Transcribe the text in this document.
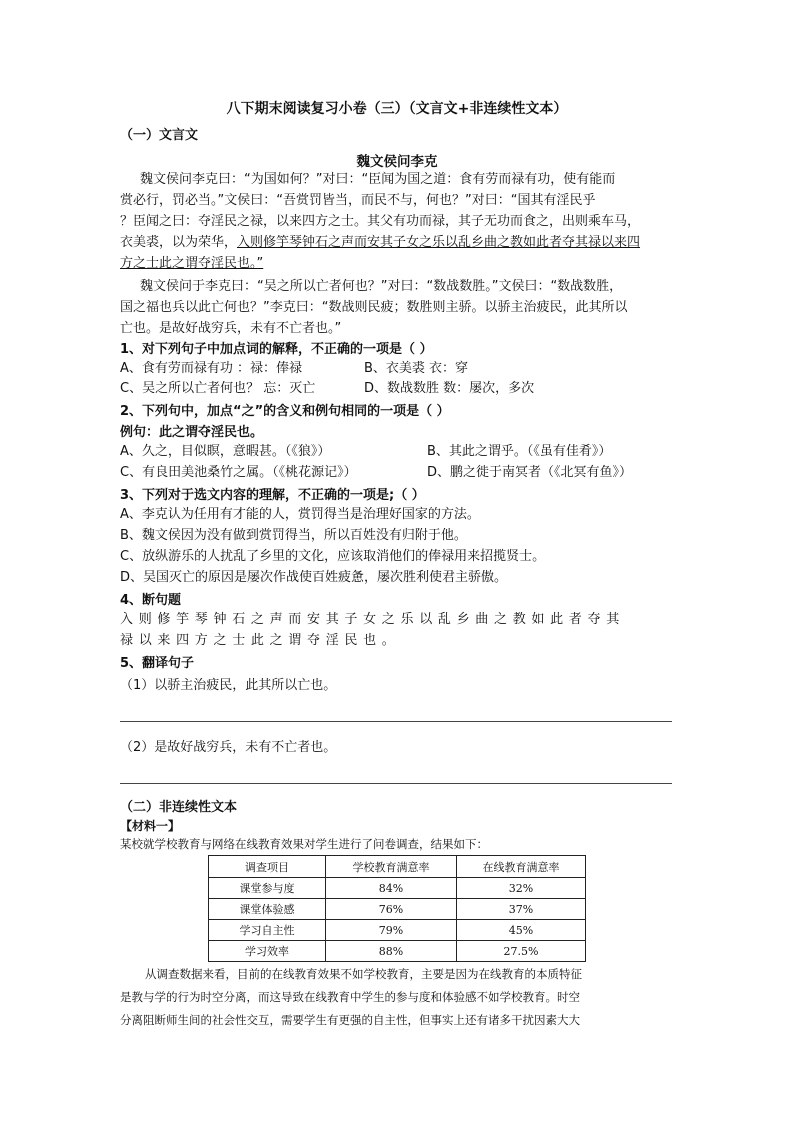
八下期末阅读复习小卷（三）（文言文+非连续性文本）
（一）文言文
魏文侯问李克
魏文侯问李克曰：“为国如何？”对曰：“臣闻为国之道：食有劳而禄有功，使有能而
赏必行，罚必当。”文侯曰：“吾赏罚皆当，而民不与，何也？”对曰：“国其有淫民乎
？臣闻之曰：夺淫民之禄，以来四方之士。其父有功而禄，其子无功而食之，出则乘车马，
衣美裘，以为荣华，入则修竽琴钟石之声而安其子女之乐以乱乡曲之教如此者夺其禄以来四
方之士此之谓夺淫民也。”
魏文侯问于李克曰：“吴之所以亡者何也？”对曰：“数战数胜。”文侯曰：“数战数胜，
国之福也兵以此亡何也？”李克曰：“数战则民疲；数胜则主骄。以骄主治疲民，此其所以
亡也。是故好战穷兵，未有不亡者也。”
1、对下列句子中加点词的解释，不正确的一项是（ ）
A、食有劳而禄有功 ：禄：俸禄	B、衣美裘 衣：穿
C、吴之所以亡者何也？ 忘：灭亡	D、数战数胜 数：屡次，多次
2、下列句中，加点“之”的含义和例句相同的一项是（ ）
例句：此之谓夺淫民也。
A、久之，目似瞑，意暇甚。（《狼》）	B、其此之谓乎。（《虽有佳肴》）
C、有良田美池桑竹之属。（《桃花源记》）	D、鹏之徙于南冥者（《北冥有鱼》）
3、下列对于选文内容的理解，不正确的一项是;（ ）
A、李克认为任用有才能的人，赏罚得当是治理好国家的方法。
B、魏文侯因为没有做到赏罚得当，所以百姓没有归附于他。
C、放纵游乐的人扰乱了乡里的文化，应该取消他们的俸禄用来招揽贤士。
D、吴国灭亡的原因是屡次作战使百姓疲惫，屡次胜利使君主骄傲。
4、断句题
入则修竽琴钟石之声而安其子女之乐以乱乡曲之教如此者夺其
禄以来四方之士此之谓夺淫民也。
5、翻译句子
（1）以骄主治疲民，此其所以亡也。
（2）是故好战穷兵，未有不亡者也。
（二）非连续性文本
【材料一】
某校就学校教育与网络在线教育效果对学生进行了问卷调查，结果如下：
调查项目	学校教育满意率	在线教育满意率
课堂参与度	84%	32%
课堂体验感	76%	37%
学习自主性	79%	45%
学习效率	88%	27.5%
从调查数据来看，目前的在线教育效果不如学校教育，主要是因为在线教育的本质特征
是教与学的行为时空分离，而这导致在线教育中学生的参与度和体验感不如学校教育。时空
分离阻断师生间的社会性交互，需要学生有更强的自主性，但事实上还有诸多干扰因素大大
